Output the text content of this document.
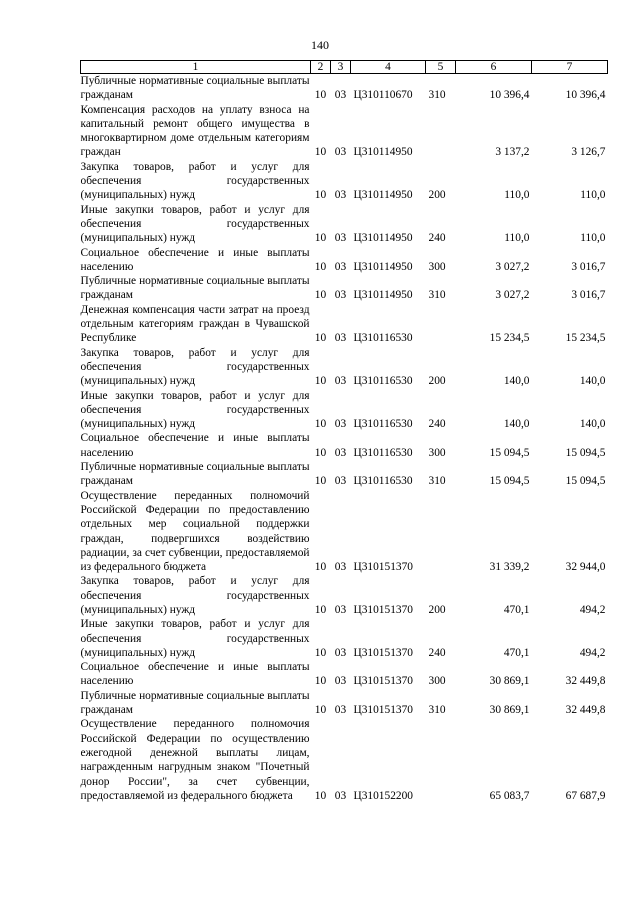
140
1	2	3	4	5	6	7
Публичные нормативные социальные выплаты гражданам	10	03	Ц310110670	310	10 396,4	10 396,4
Компенсация расходов на уплату взноса на капитальный ремонт общего имущества в многоквартирном доме отдельным категориям граждан	10	03	Ц310114950		3 137,2	3 126,7
Закупка товаров, работ и услуг для обеспечения государственных (муниципальных) нужд	10	03	Ц310114950	200	110,0	110,0
Иные закупки товаров, работ и услуг для обеспечения государственных (муниципальных) нужд	10	03	Ц310114950	240	110,0	110,0
Социальное обеспечение и иные выплаты населению	10	03	Ц310114950	300	3 027,2	3 016,7
Публичные нормативные социальные выплаты гражданам	10	03	Ц310114950	310	3 027,2	3 016,7
Денежная компенсация части затрат на проезд отдельным категориям граждан в Чувашской Республике	10	03	Ц310116530		15 234,5	15 234,5
Закупка товаров, работ и услуг для обеспечения государственных (муниципальных) нужд	10	03	Ц310116530	200	140,0	140,0
Иные закупки товаров, работ и услуг для обеспечения государственных (муниципальных) нужд	10	03	Ц310116530	240	140,0	140,0
Социальное обеспечение и иные выплаты населению	10	03	Ц310116530	300	15 094,5	15 094,5
Публичные нормативные социальные выплаты гражданам	10	03	Ц310116530	310	15 094,5	15 094,5
Осуществление переданных полномочий Российской Федерации по предоставлению отдельных мер социальной поддержки граждан, подвергшихся воздействию радиации, за счет субвенции, предоставляемой из федерального бюджета	10	03	Ц310151370		31 339,2	32 944,0
Закупка товаров, работ и услуг для обеспечения государственных (муниципальных) нужд	10	03	Ц310151370	200	470,1	494,2
Иные закупки товаров, работ и услуг для обеспечения государственных (муниципальных) нужд	10	03	Ц310151370	240	470,1	494,2
Социальное обеспечение и иные выплаты населению	10	03	Ц310151370	300	30 869,1	32 449,8
Публичные нормативные социальные выплаты гражданам	10	03	Ц310151370	310	30 869,1	32 449,8
Осуществление переданного полномочия Российской Федерации по осуществлению ежегодной денежной выплаты лицам, награжденным нагрудным знаком "Почетный донор России", за счет субвенции, предоставляемой из федерального бюджета	10	03	Ц310152200		65 083,7	67 687,9
